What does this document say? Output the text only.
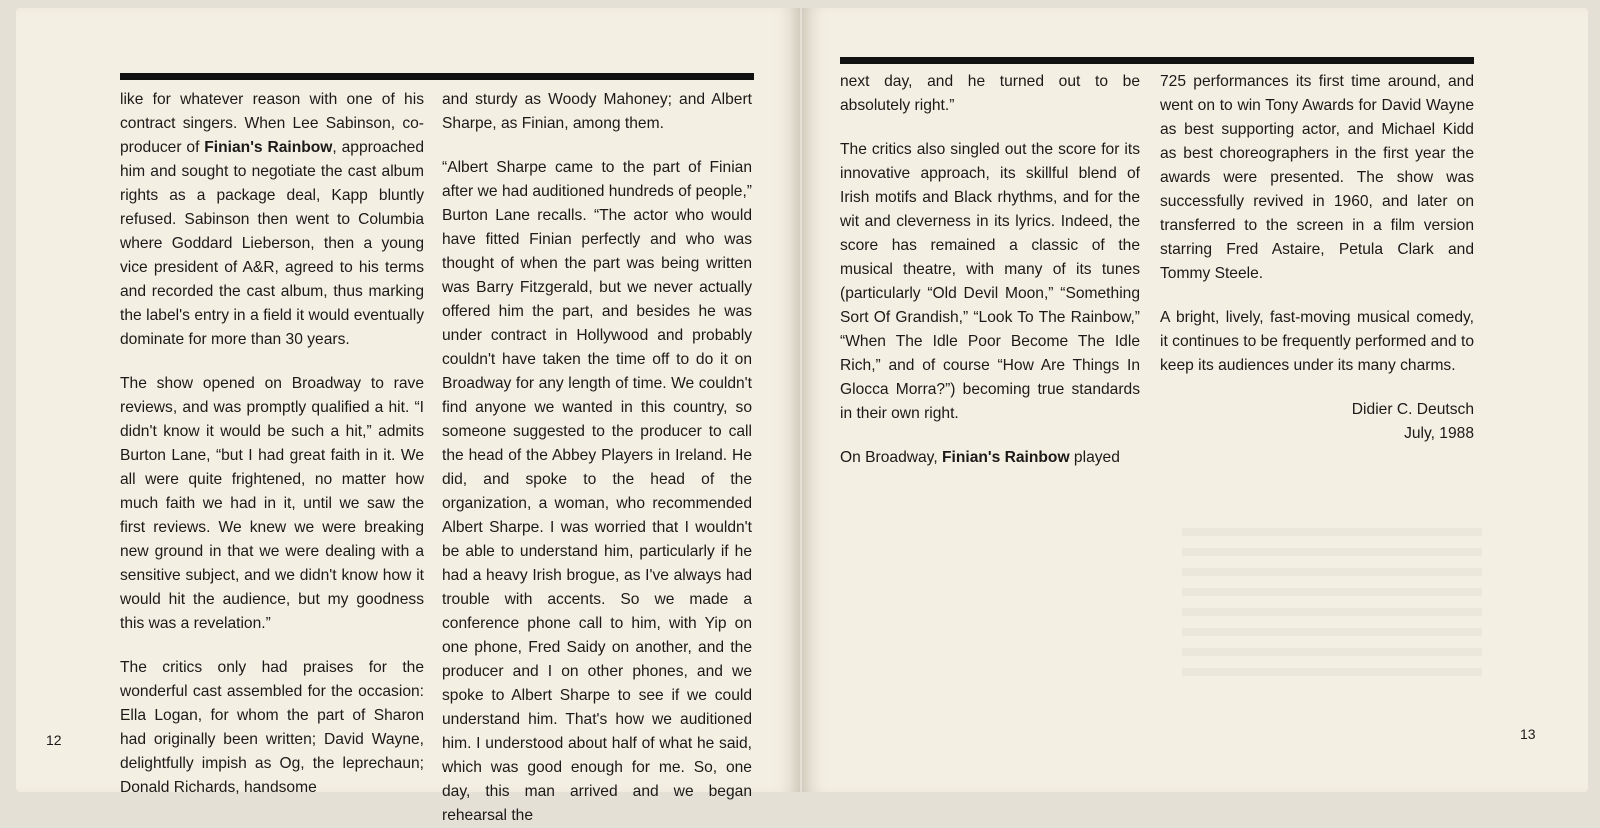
like for whatever reason with one of his contract singers. When Lee Sabinson, co-producer of Finian's Rainbow, approached him and sought to negotiate the cast album rights as a package deal, Kapp bluntly refused. Sabinson then went to Columbia where Goddard Lieberson, then a young vice president of A&R, agreed to his terms and recorded the cast album, thus marking the label's entry in a field it would eventually dominate for more than 30 years.

The show opened on Broadway to rave reviews, and was promptly qualified a hit. “I didn't know it would be such a hit,” admits Burton Lane, “but I had great faith in it. We all were quite frightened, no matter how much faith we had in it, until we saw the first reviews. We knew we were breaking new ground in that we were dealing with a sensitive subject, and we didn't know how it would hit the audience, but my goodness this was a revelation.”

The critics only had praises for the wonderful cast assembled for the occasion: Ella Logan, for whom the part of Sharon had originally been written; David Wayne, delightfully impish as Og, the leprechaun; Donald Richards, handsome

and sturdy as Woody Mahoney; and Albert Sharpe, as Finian, among them.

“Albert Sharpe came to the part of Finian after we had auditioned hundreds of people,” Burton Lane recalls. “The actor who would have fitted Finian perfectly and who was thought of when the part was being written was Barry Fitzgerald, but we never actually offered him the part, and besides he was under contract in Hollywood and probably couldn't have taken the time off to do it on Broadway for any length of time. We couldn't find anyone we wanted in this country, so someone suggested to the producer to call the head of the Abbey Players in Ireland. He did, and spoke to the head of the organization, a woman, who recommended Albert Sharpe. I was worried that I wouldn't be able to understand him, particularly if he had a heavy Irish brogue, as I've always had trouble with accents. So we made a conference phone call to him, with Yip on one phone, Fred Saidy on another, and the producer and I on other phones, and we spoke to Albert Sharpe to see if we could understand him. That's how we auditioned him. I understood about half of what he said, which was good enough for me. So, one day, this man arrived and we began rehearsal the

12

next day, and he turned out to be absolutely right.”

The critics also singled out the score for its innovative approach, its skillful blend of Irish motifs and Black rhythms, and for the wit and cleverness in its lyrics. Indeed, the score has remained a classic of the musical theatre, with many of its tunes (particularly “Old Devil Moon,” “Something Sort Of Grandish,” “Look To The Rainbow,” “When The Idle Poor Become The Idle Rich,” and of course “How Are Things In Glocca Morra?”) becoming true standards in their own right.

On Broadway, Finian's Rainbow played

725 performances its first time around, and went on to win Tony Awards for David Wayne as best supporting actor, and Michael Kidd as best choreographers in the first year the awards were presented. The show was successfully revived in 1960, and later on transferred to the screen in a film version starring Fred Astaire, Petula Clark and Tommy Steele.

A bright, lively, fast-moving musical comedy, it continues to be frequently performed and to keep its audiences under its many charms.

Didier C. Deutsch
July, 1988
13
